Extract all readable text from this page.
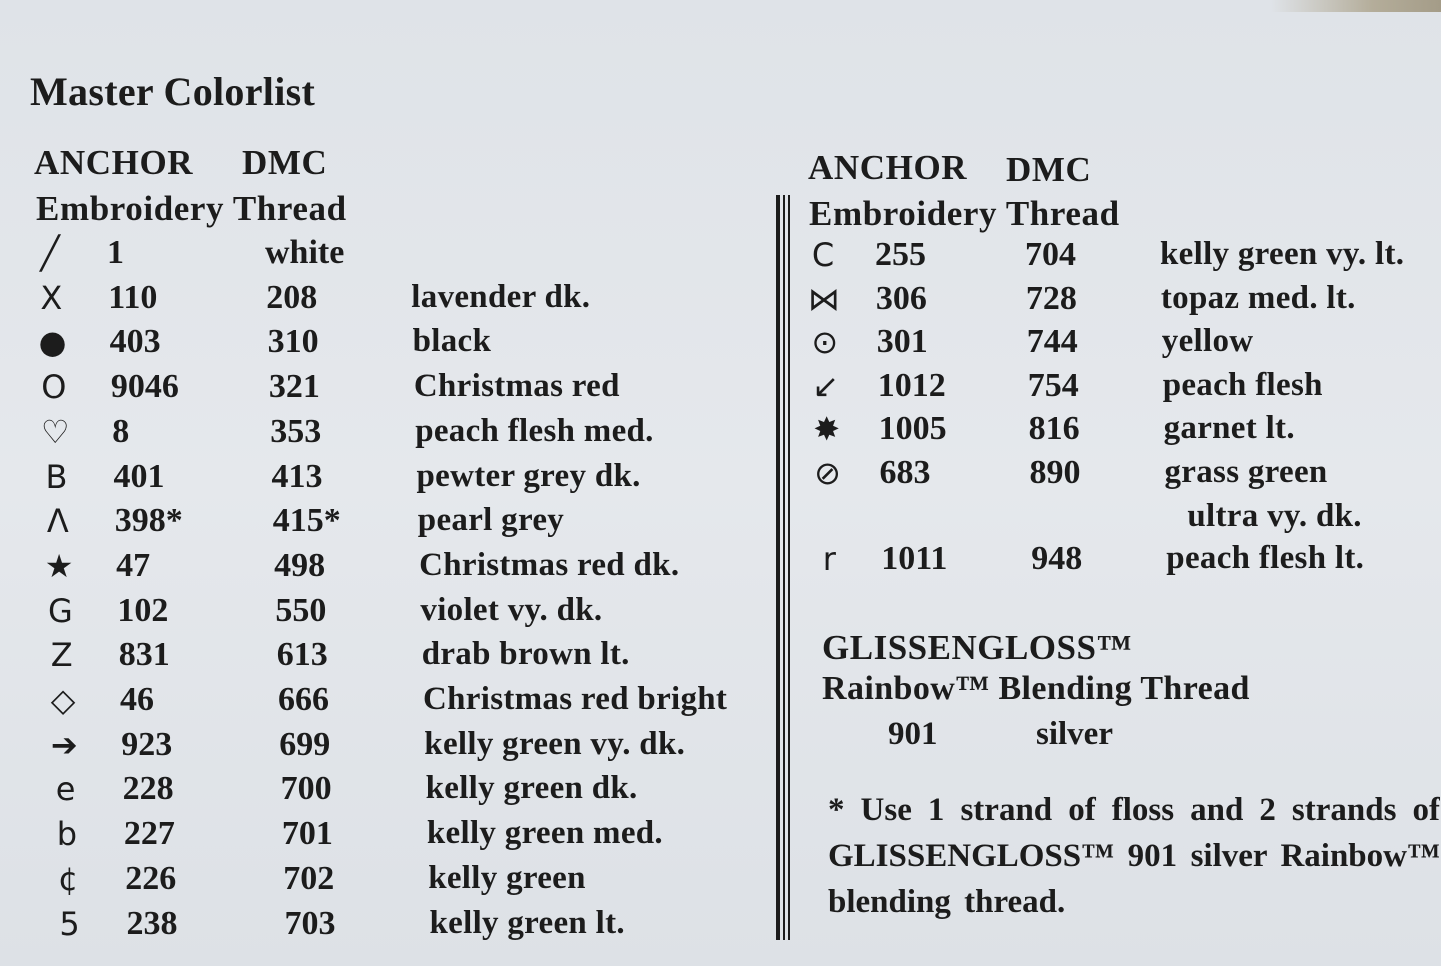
Master Colorlist
ANCHOR DMC
Embroidery Thread
╱	1	white
X 110	208	lavender dk.
● 403	310	black
O 9046	321	Christmas red
♡ 8	353	peach flesh med.
B 401	413	pewter grey dk.
Λ 398*	415* pearl grey
★ 47	498	Christmas red dk.
G 102	550	violet vy. dk.
Z 831	613	drab brown lt.
◇ 46	666	Christmas red bright
➔ 923	699	kelly green vy. dk.
e 228	700	kelly green dk.
b 227	701	kelly green med.
¢ 226	702	kelly green
5 238	703	kelly green lt.
ANCHOR DMC
Embroidery Thread
C 255	704	kelly green vy. lt.
⋈ 306	728	topaz med. lt.
⊙ 301	744	yellow
↙ 1012 754	peach flesh
✸ 1005 816	garnet lt.
⊘ 683	890	grass green
ultra vy. dk.
r	1011 948	peach flesh lt.
GLISSENGLOSS™
Rainbow™ Blending Thread
901	silver
* Use 1 strand of floss and 2 strands of GLISSENGLOSS™ 901 silver Rainbow™ blending thread.
